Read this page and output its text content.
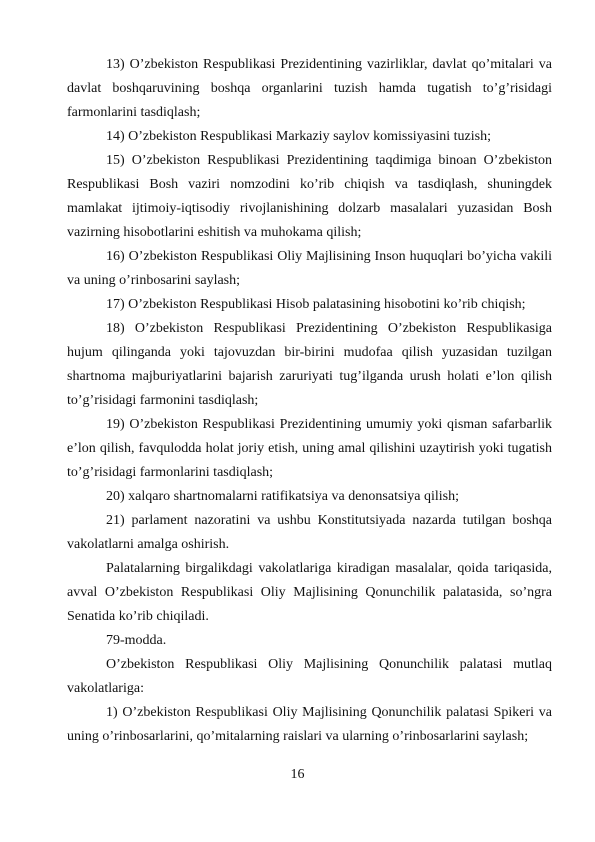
13) O’zbekiston Respublikasi Prezidentining vazirliklar, davlat qo’mitalari va davlat boshqaruvining boshqa organlarini tuzish hamda tugatish to’g’risidagi farmonlarini tasdiqlash;

14) O’zbekiston Respublikasi Markaziy saylov komissiyasini tuzish;

15) O’zbekiston Respublikasi Prezidentining taqdimiga binoan O’zbekiston Respublikasi Bosh vaziri nomzodini ko’rib chiqish va tasdiqlash, shuningdek mamlakat ijtimoiy-iqtisodiy rivojlanishining dolzarb masalalari yuzasidan Bosh vazirning hisobotlarini eshitish va muhokama qilish;

16) O’zbekiston Respublikasi Oliy Majlisining Inson huquqlari bo’yicha vakili va uning o’rinbosarini saylash;

17) O’zbekiston Respublikasi Hisob palatasining hisobotini ko’rib chiqish;

18) O’zbekiston Respublikasi Prezidentining O’zbekiston Respublikasiga hujum qilinganda yoki tajovuzdan bir-birini mudofaa qilish yuzasidan tuzilgan shartnoma majburiyatlarini bajarish zaruriyati tug’ilganda urush holati e’lon qilish to’g’risidagi farmonini tasdiqlash;

19) O’zbekiston Respublikasi Prezidentining umumiy yoki qisman safarbarlik e’lon qilish, favqulodda holat joriy etish, uning amal qilishini uzaytirish yoki tugatish to’g’risidagi farmonlarini tasdiqlash;

20) xalqaro shartnomalarni ratifikatsiya va denonsatsiya qilish;

21) parlament nazoratini va ushbu Konstitutsiyada nazarda tutilgan boshqa vakolatlarni amalga oshirish.

Palatalarning birgalikdagi vakolatlariga kiradigan masalalar, qoida tariqasida, avval O’zbekiston Respublikasi Oliy Majlisining Qonunchilik palatasida, so’ngra Senatida ko’rib chiqiladi.

79-modda.

O’zbekiston Respublikasi Oliy Majlisining Qonunchilik palatasi mutlaq vakolatlariga:

1) O’zbekiston Respublikasi Oliy Majlisining Qonunchilik palatasi Spikeri va uning o’rinbosarlarini, qo’mitalarning raislari va ularning o’rinbosarlarini saylash;

16
